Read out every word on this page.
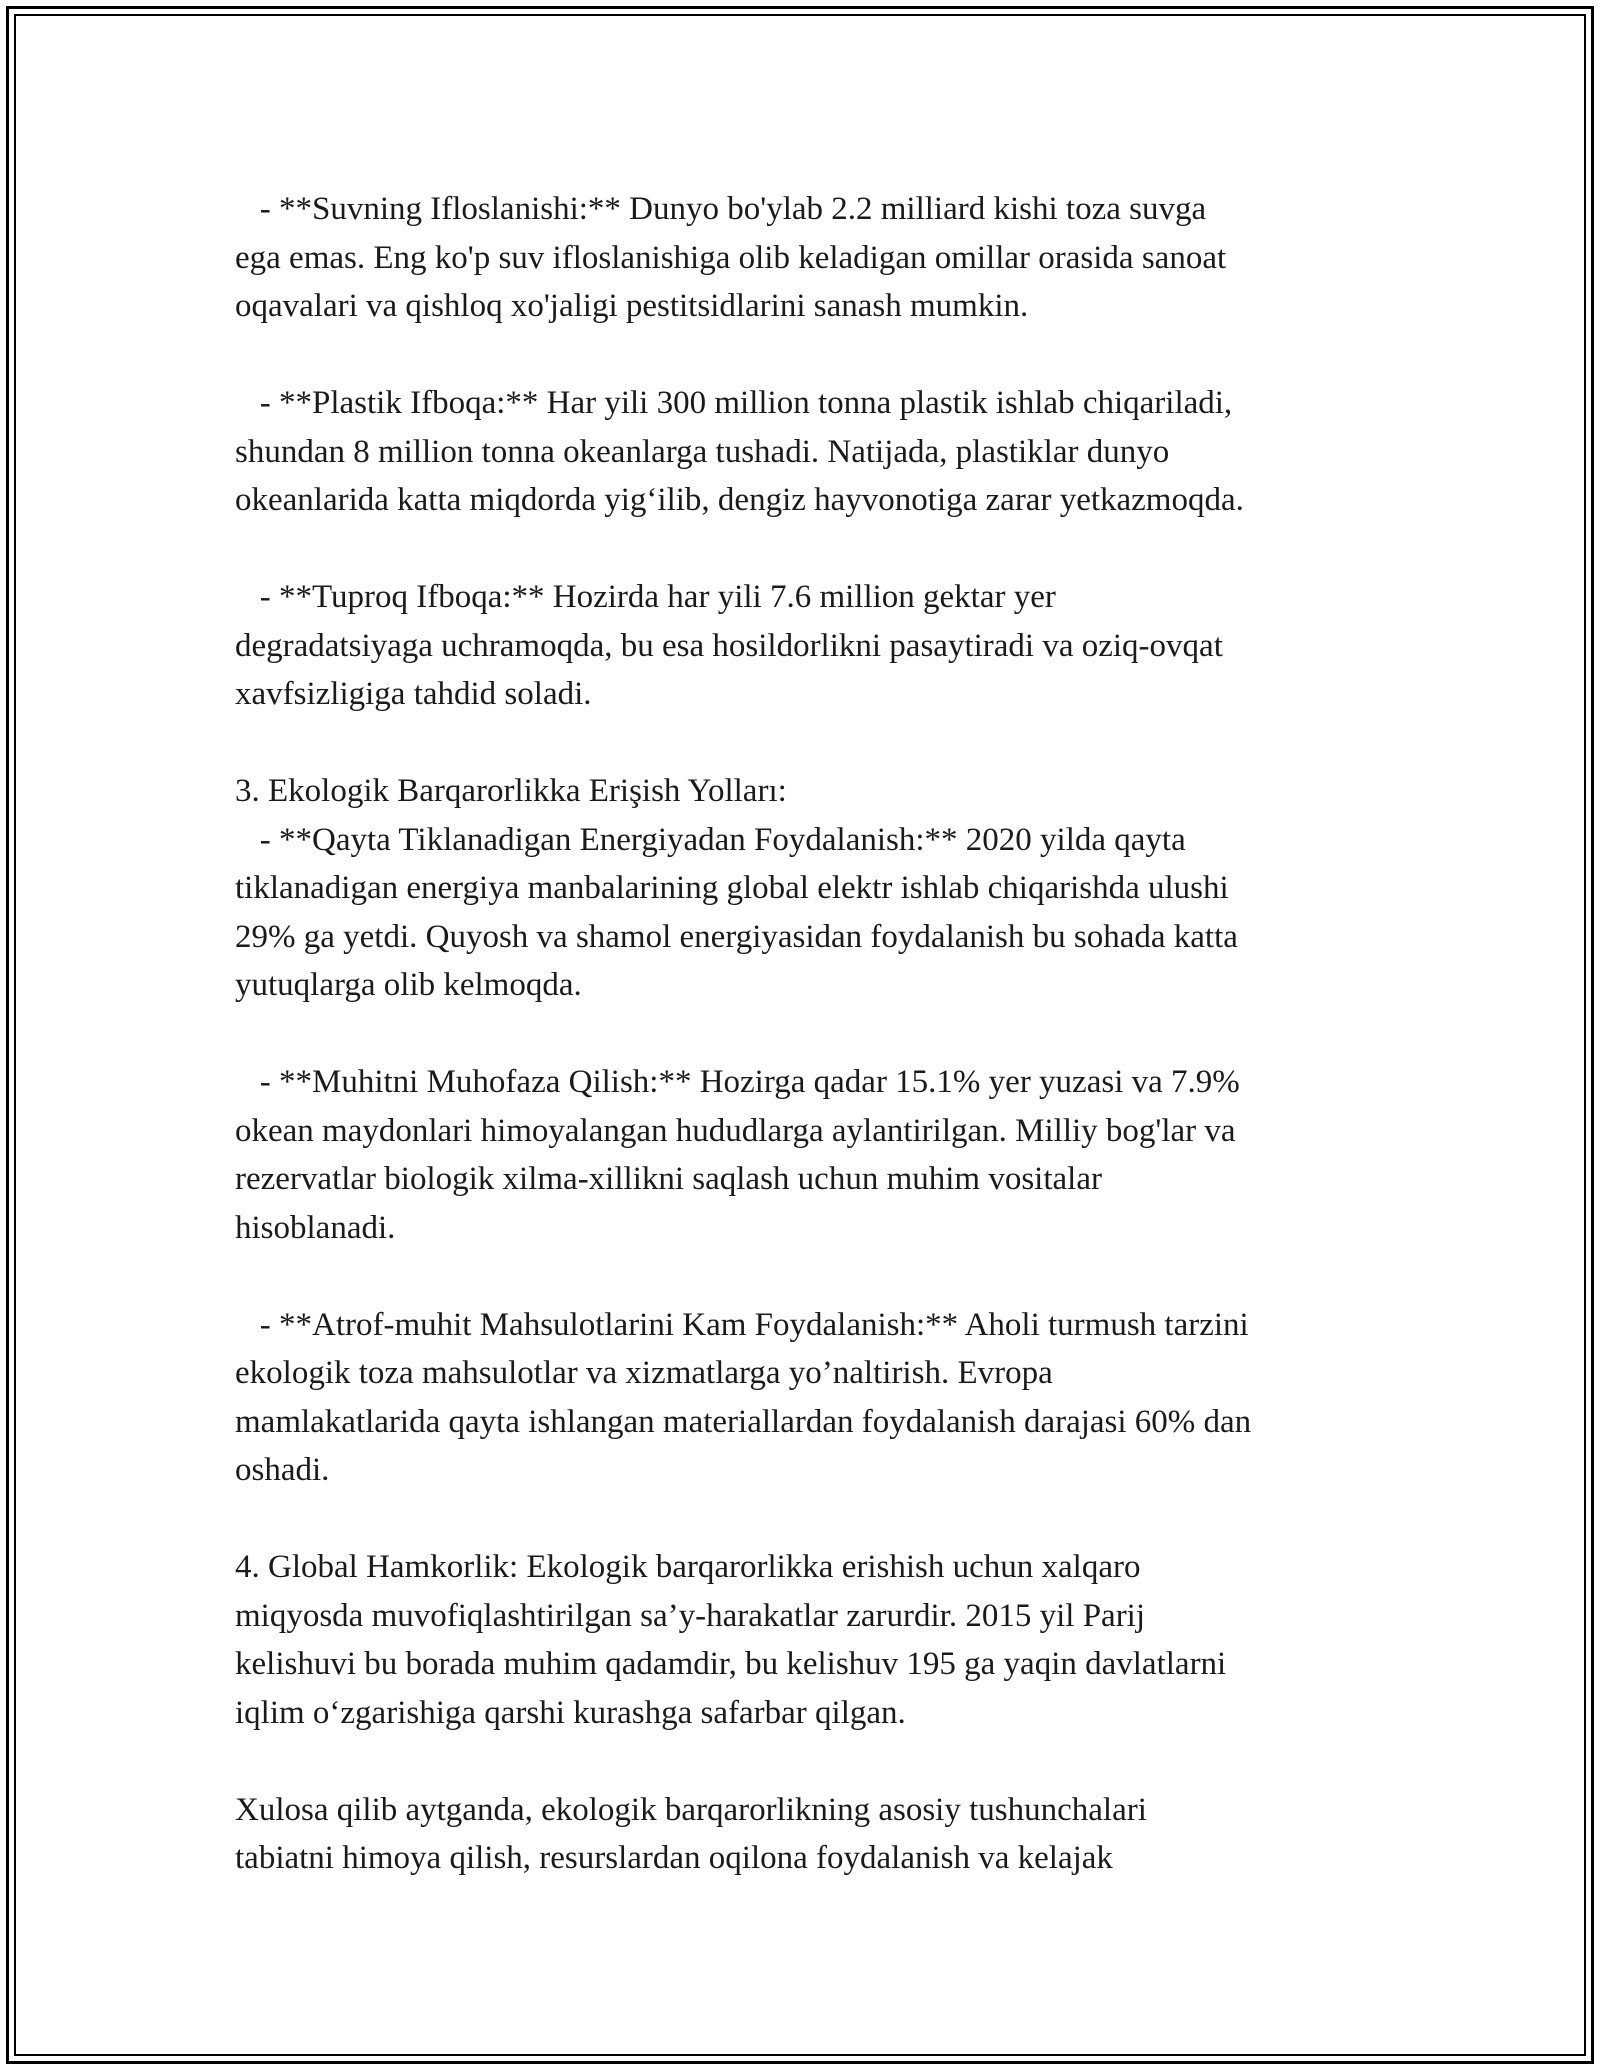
- **Suvning Ifloslanishi:** Dunyo bo'ylab 2.2 milliard kishi toza suvga
ega emas. Eng ko'p suv ifloslanishiga olib keladigan omillar orasida sanoat
oqavalari va qishloq xo'jaligi pestitsidlarini sanash mumkin.
- **Plastik Ifboqa:** Har yili 300 million tonna plastik ishlab chiqariladi,
shundan 8 million tonna okeanlarga tushadi. Natijada, plastiklar dunyo
okeanlarida katta miqdorda yig‘ilib, dengiz hayvonotiga zarar yetkazmoqda.
- **Tuproq Ifboqa:** Hozirda har yili 7.6 million gektar yer
degradatsiyaga uchramoqda, bu esa hosildorlikni pasaytiradi va oziq-ovqat
xavfsizligiga tahdid soladi.
3. Ekologik Barqarorlikka Erişish Yolları:
- **Qayta Tiklanadigan Energiyadan Foydalanish:** 2020 yilda qayta
tiklanadigan energiya manbalarining global elektr ishlab chiqarishda ulushi
29% ga yetdi. Quyosh va shamol energiyasidan foydalanish bu sohada katta
yutuqlarga olib kelmoqda.
- **Muhitni Muhofaza Qilish:** Hozirga qadar 15.1% yer yuzasi va 7.9%
okean maydonlari himoyalangan hududlarga aylantirilgan. Milliy bog'lar va
rezervatlar biologik xilma-xillikni saqlash uchun muhim vositalar
hisoblanadi.
- **Atrof-muhit Mahsulotlarini Kam Foydalanish:** Aholi turmush tarzini
ekologik toza mahsulotlar va xizmatlarga yo’naltirish. Evropa
mamlakatlarida qayta ishlangan materiallardan foydalanish darajasi 60% dan
oshadi.
4. Global Hamkorlik: Ekologik barqarorlikka erishish uchun xalqaro
miqyosda muvofiqlashtirilgan sa’y-harakatlar zarurdir. 2015 yil Parij
kelishuvi bu borada muhim qadamdir, bu kelishuv 195 ga yaqin davlatlarni
iqlim o‘zgarishiga qarshi kurashga safarbar qilgan.
Xulosa qilib aytganda, ekologik barqarorlikning asosiy tushunchalari
tabiatni himoya qilish, resurslardan oqilona foydalanish va kelajak
